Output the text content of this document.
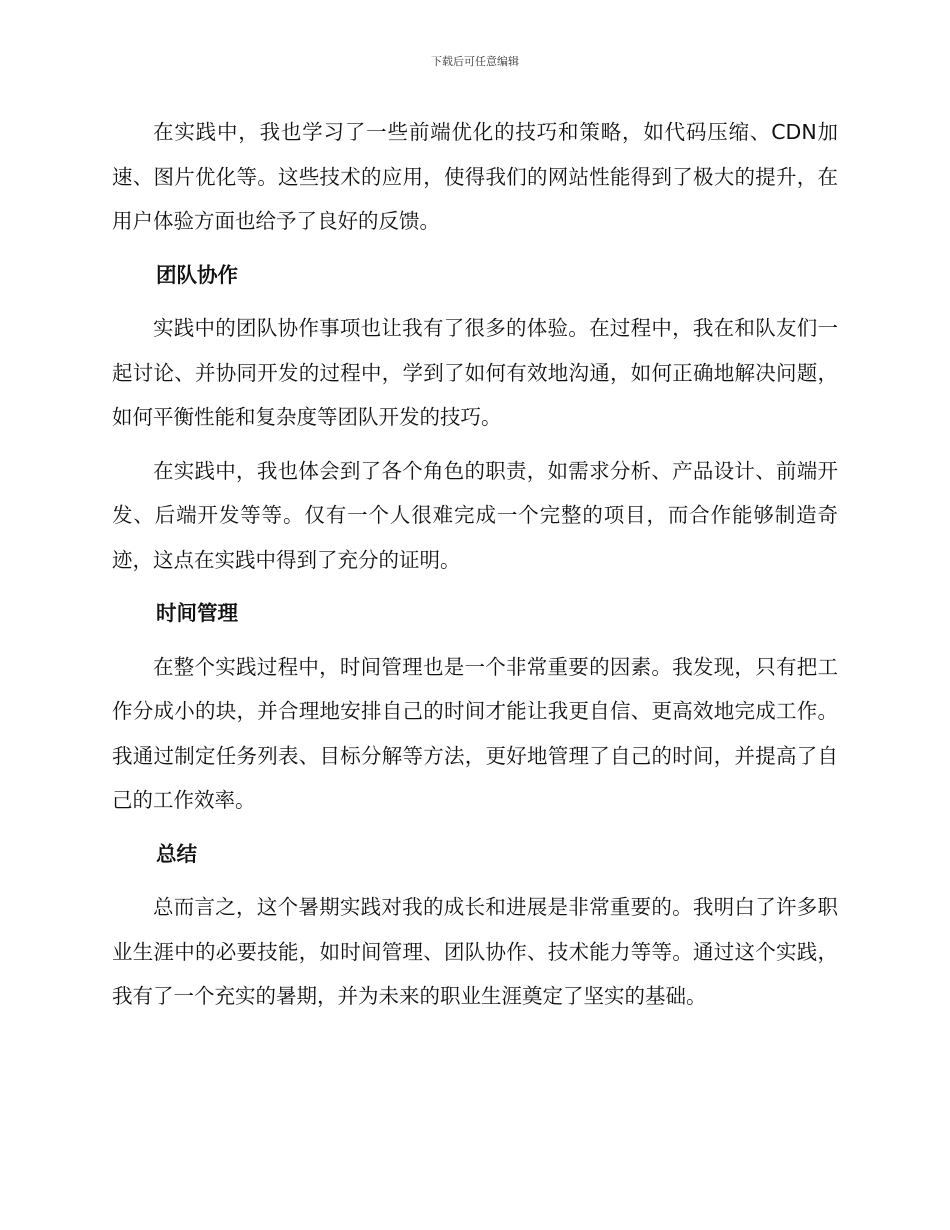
下载后可任意编辑

在实践中，我也学习了一些前端优化的技巧和策略，如代码压缩、CDN加速、图片优化等。这些技术的应用，使得我们的网站性能得到了极大的提升，在用户体验方面也给予了良好的反馈。

团队协作

实践中的团队协作事项也让我有了很多的体验。在过程中，我在和队友们一起讨论、并协同开发的过程中，学到了如何有效地沟通，如何正确地解决问题，如何平衡性能和复杂度等团队开发的技巧。

在实践中，我也体会到了各个角色的职责，如需求分析、产品设计、前端开发、后端开发等等。仅有一个人很难完成一个完整的项目，而合作能够制造奇迹，这点在实践中得到了充分的证明。

时间管理

在整个实践过程中，时间管理也是一个非常重要的因素。我发现，只有把工作分成小的块，并合理地安排自己的时间才能让我更自信、更高效地完成工作。我通过制定任务列表、目标分解等方法，更好地管理了自己的时间，并提高了自己的工作效率。

总结

总而言之，这个暑期实践对我的成长和进展是非常重要的。我明白了许多职业生涯中的必要技能，如时间管理、团队协作、技术能力等等。通过这个实践，我有了一个充实的暑期，并为未来的职业生涯奠定了坚实的基础。
